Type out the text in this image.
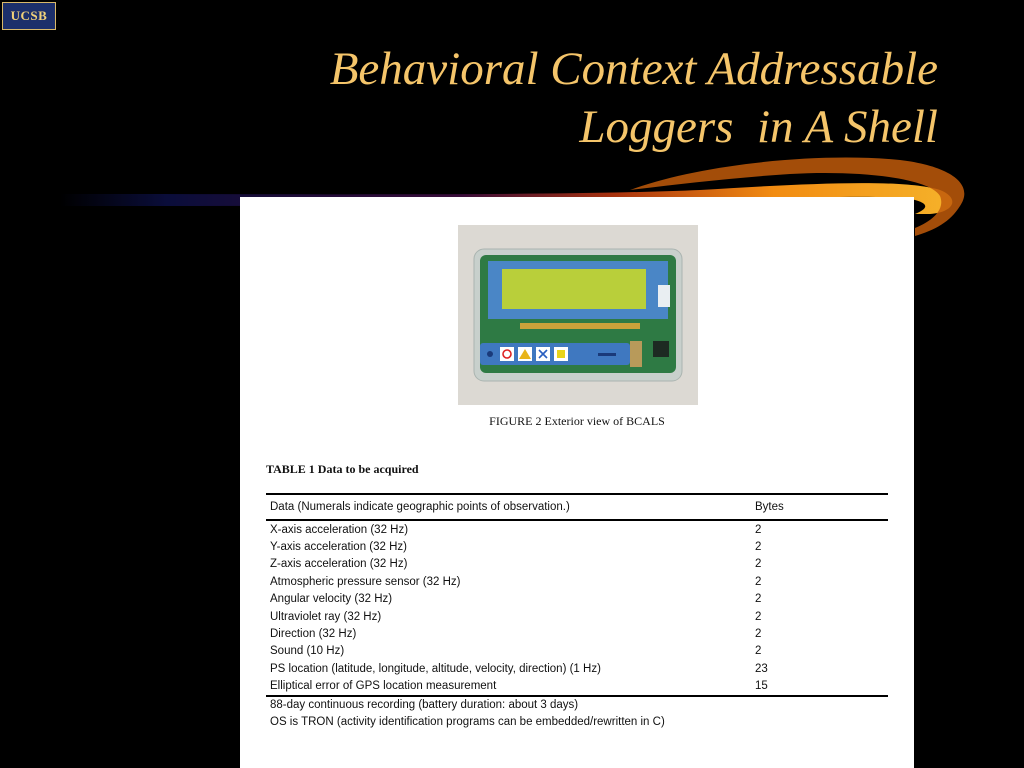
UCSB
Behavioral Context Addressable
Loggers  in A Shell
FIGURE 2 Exterior view of BCALS
TABLE 1 Data to be acquired
Data (Numerals indicate geographic points of observation.)	Bytes
X-axis acceleration (32 Hz)	2
Y-axis acceleration (32 Hz)	2
Z-axis acceleration (32 Hz)	2
Atmospheric pressure sensor (32 Hz)	2
Angular velocity (32 Hz)	2
Ultraviolet ray (32 Hz)	2
Direction (32 Hz)	2
Sound (10 Hz)	2
PS location (latitude, longitude, altitude, velocity, direction) (1 Hz)	23
Elliptical error of GPS location measurement	15
88-day continuous recording (battery duration: about 3 days)
OS is TRON (activity identification programs can be embedded/rewritten in C)
